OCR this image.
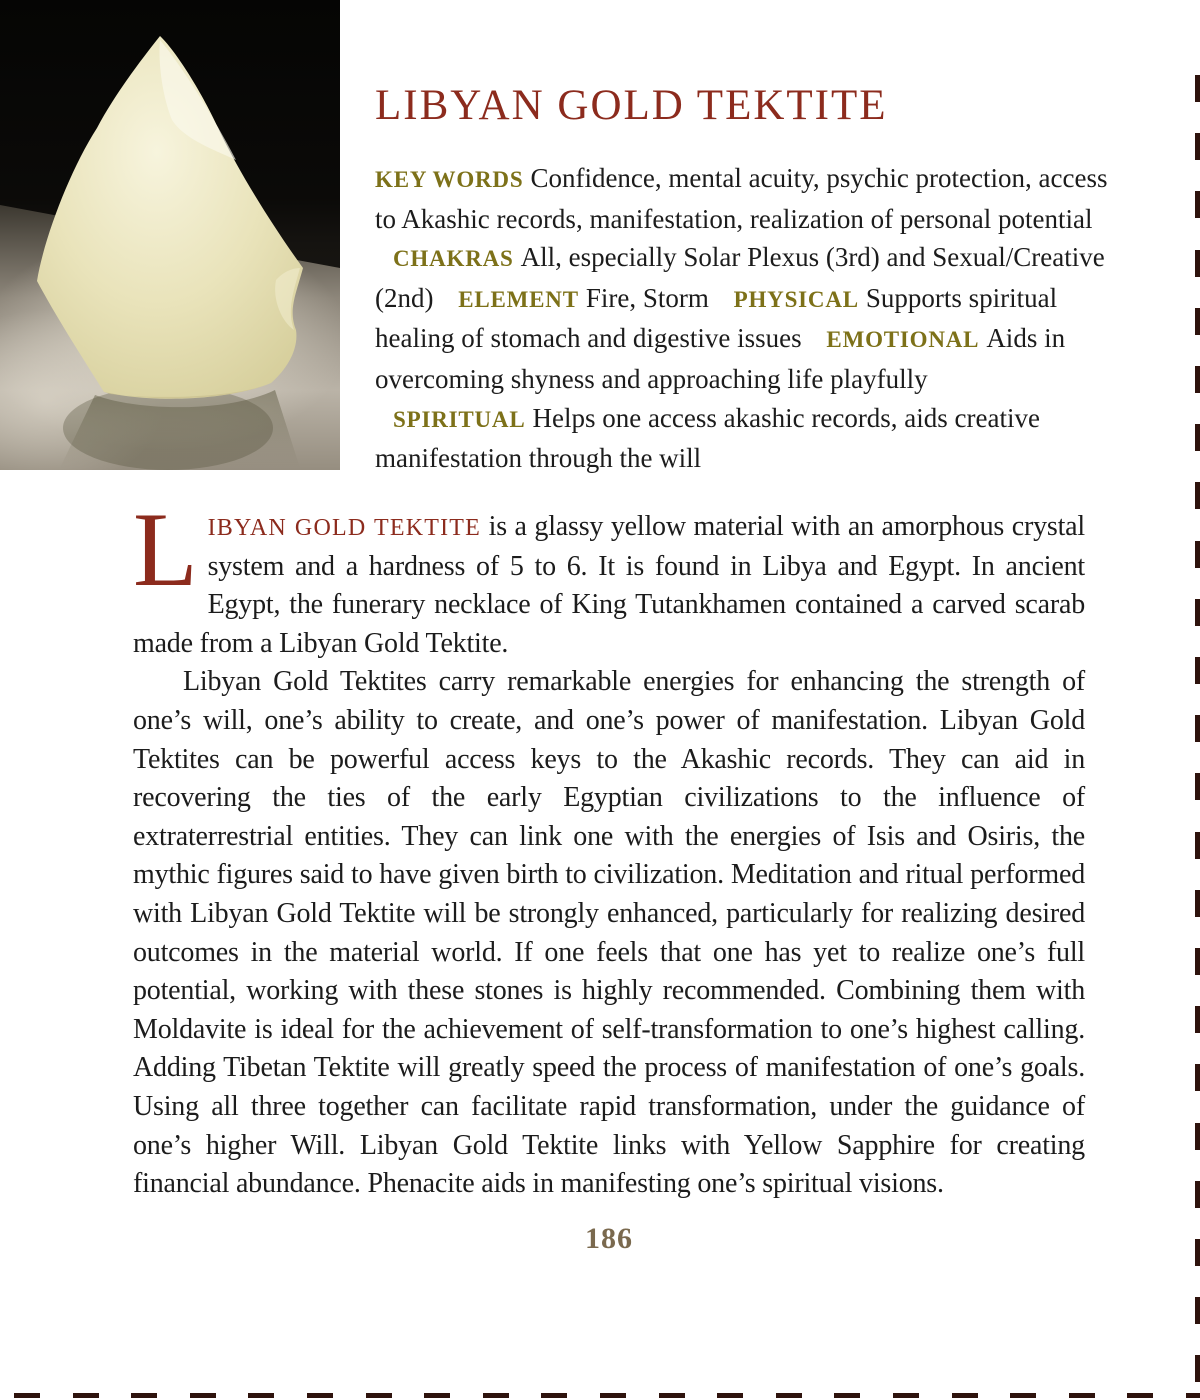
LIBYAN GOLD TEKTITE
KEY WORDS Confidence, mental acuity, psychic protection, access to Akashic records, manifestation, realization of personal potential CHAKRAS All, especially Solar Plexus (3rd) and Sexual/Creative (2nd) ELEMENT Fire, Storm PHYSICAL Supports spiritual healing of stomach and digestive issues EMOTIONAL Aids in overcoming shyness and approaching life playfully SPIRITUAL Helps one access akashic records, aids creative manifestation through the will

LIBYAN GOLD TEKTITE is a glassy yellow material with an amorphous crystal system and a hardness of 5 to 6. It is found in Libya and Egypt. In ancient Egypt, the funerary necklace of King Tutankhamen contained a carved scarab made from a Libyan Gold Tektite.

Libyan Gold Tektites carry remarkable energies for enhancing the strength of one’s will, one’s ability to create, and one’s power of manifestation. Libyan Gold Tektites can be powerful access keys to the Akashic records. They can aid in recovering the ties of the early Egyptian civilizations to the influence of extraterrestrial entities. They can link one with the energies of Isis and Osiris, the mythic figures said to have given birth to civilization. Meditation and ritual performed with Libyan Gold Tektite will be strongly enhanced, particularly for realizing desired outcomes in the material world. If one feels that one has yet to realize one’s full potential, working with these stones is highly recommended. Combining them with Moldavite is ideal for the achievement of self-transformation to one’s highest calling. Adding Tibetan Tektite will greatly speed the process of manifestation of one’s goals. Using all three together can facilitate rapid transformation, under the guidance of one’s higher Will. Libyan Gold Tektite links with Yellow Sapphire for creating financial abundance. Phenacite aids in manifesting one’s spiritual visions.

186
